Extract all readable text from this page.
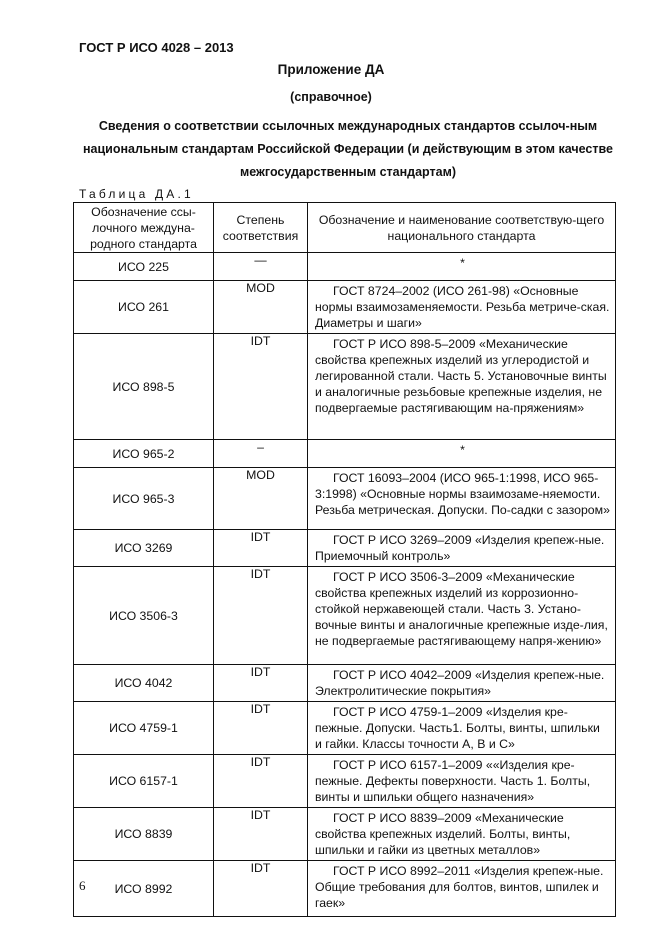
ГОСТ Р ИСО 4028 – 2013
Приложение ДА
(справочное)
Сведения о соответствии ссылочных международных стандартов ссылоч-ным национальным стандартам Российской Федерации (и действующим в этом качестве межгосударственным стандартам)
Таблица ДА.1
Обозначение ссы-лочного междуна-родного стандарта	Степень соответствия	Обозначение и наименование соответствую-щего национального стандарта
ИСО 225	—	*
ИСО 261	MOD	ГОСТ 8724–2002 (ИСО 261-98) «Основные нормы взаимозаменяемости. Резьба метриче-ская. Диаметры и шаги»
ИСО 898-5	IDT	ГОСТ Р ИСО 898-5–2009 «Механические свойства крепежных изделий из углеродистой и легированной стали. Часть 5. Установочные винты и аналогичные резьбовые крепежные изделия, не подвергаемые растягивающим на-пряжениям»
ИСО 965-2	–	*
ИСО 965-3	MOD	ГОСТ 16093–2004 (ИСО 965-1:1998, ИСО 965-3:1998) «Основные нормы взаимозаме-няемости. Резьба метрическая. Допуски. По-садки с зазором»
ИСО 3269	IDT	ГОСТ Р ИСО 3269–2009 «Изделия крепеж-ные. Приемочный контроль»
ИСО 3506-3	IDT	ГОСТ Р ИСО 3506-3–2009 «Механические свойства крепежных изделий из коррозионно-стойкой нержавеющей стали. Часть 3. Устано-вочные винты и аналогичные крепежные изде-лия, не подвергаемые растягивающему напря-жению»
ИСО 4042	IDT	ГОСТ Р ИСО 4042–2009 «Изделия крепеж-ные. Электролитические покрытия»
ИСО 4759-1	IDT	ГОСТ Р ИСО 4759-1–2009 «Изделия кре-пежные. Допуски. Часть1. Болты, винты, шпильки и гайки. Классы точности A, B и C»
ИСО 6157-1	IDT	ГОСТ Р ИСО 6157-1–2009 ««Изделия кре-пежные. Дефекты поверхности. Часть 1. Болты, винты и шпильки общего назначения»
ИСО 8839	IDT	ГОСТ Р ИСО 8839–2009 «Механические свойства крепежных изделий. Болты, винты, шпильки и гайки из цветных металлов»
ИСО 8992	IDT	ГОСТ Р ИСО 8992–2011 «Изделия крепеж-ные. Общие требования для болтов, винтов, шпилек и гаек»
6
